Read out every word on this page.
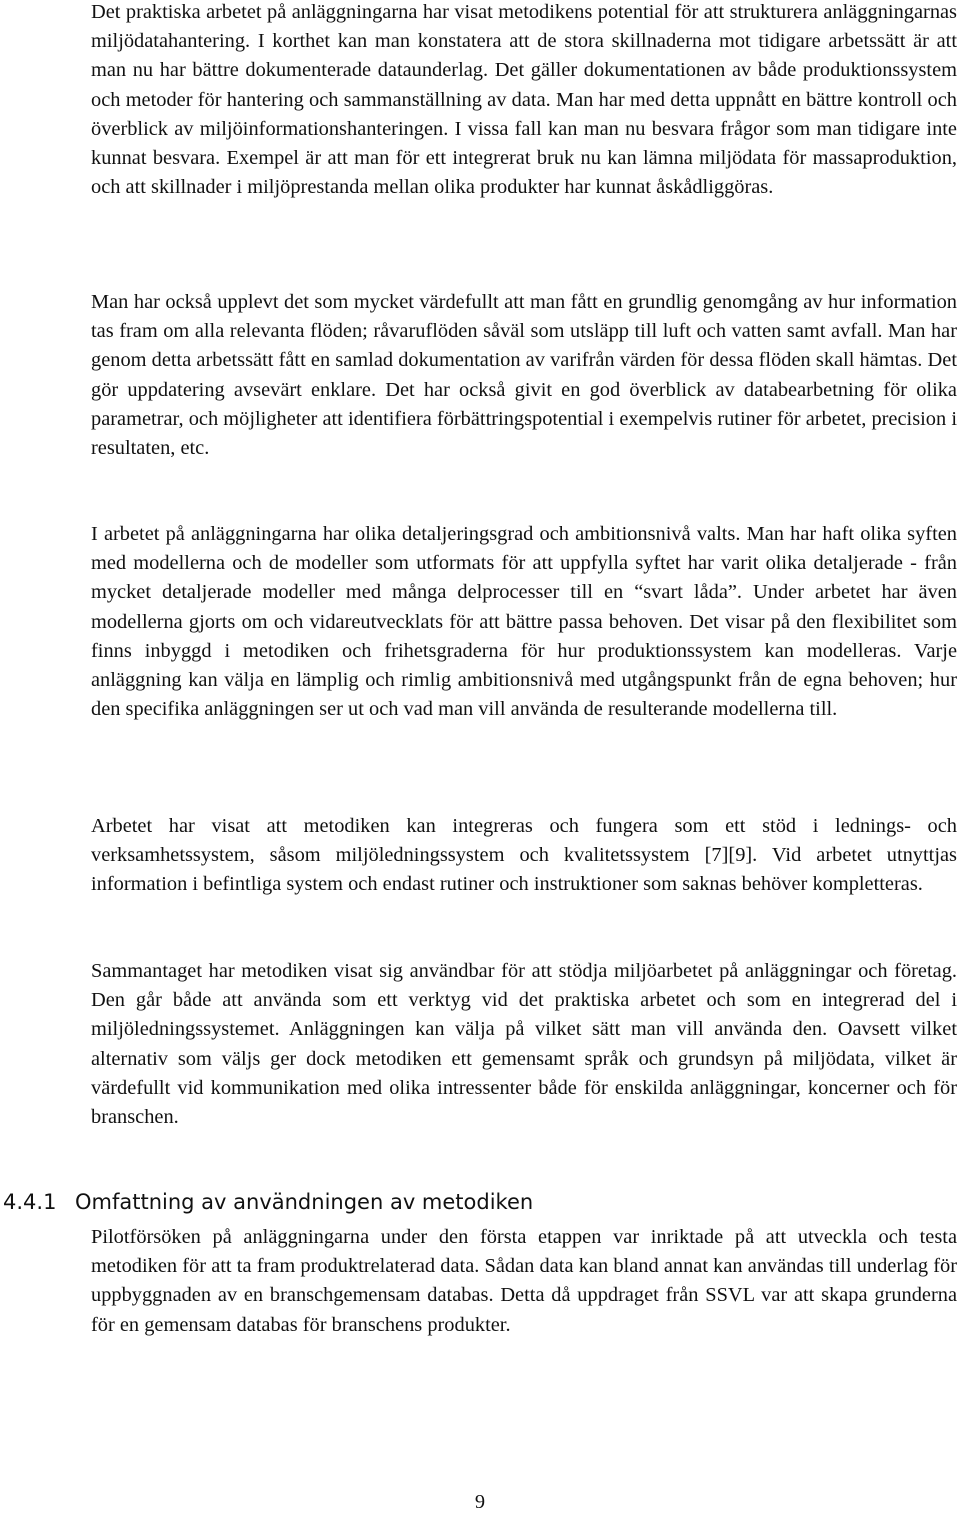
Det praktiska arbetet på anläggningarna har visat metodikens potential för att strukturera anläggningarnas miljödatahantering. I korthet kan man konstatera att de stora skillnaderna mot tidigare arbetssätt är att man nu har bättre dokumenterade dataunderlag. Det gäller dokumentationen av både produktionssystem och metoder för hantering och sammanställning av data. Man har med detta uppnått en bättre kontroll och överblick av miljöinformationshanteringen. I vissa fall kan man nu besvara frågor som man tidigare inte kunnat besvara. Exempel är att man för ett integrerat bruk nu kan lämna miljödata för massaproduktion, och att skillnader i miljöprestanda mellan olika produkter har kunnat åskådliggöras.

Man har också upplevt det som mycket värdefullt att man fått en grundlig genomgång av hur information tas fram om alla relevanta flöden; råvaruflöden såväl som utsläpp till luft och vatten samt avfall. Man har genom detta arbetssätt fått en samlad dokumentation av varifrån värden för dessa flöden skall hämtas. Det gör uppdatering avsevärt enklare. Det har också givit en god överblick av databearbetning för olika parametrar, och möjligheter att identifiera förbättringspotential i exempelvis rutiner för arbetet, precision i resultaten, etc.

I arbetet på anläggningarna har olika detaljeringsgrad och ambitionsnivå valts. Man har haft olika syften med modellerna och de modeller som utformats för att uppfylla syftet har varit olika detaljerade - från mycket detaljerade modeller med många delprocesser till en “svart låda”. Under arbetet har även modellerna gjorts om och vidareutvecklats för att bättre passa behoven. Det visar på den flexibilitet som finns inbyggd i metodiken och frihetsgraderna för hur produktionssystem kan modelleras. Varje anläggning kan välja en lämplig och rimlig ambitionsnivå med utgångspunkt från de egna behoven; hur den specifika anläggningen ser ut och vad man vill använda de resulterande modellerna till.

Arbetet har visat att metodiken kan integreras och fungera som ett stöd i lednings- och verksamhetssystem, såsom miljöledningssystem och kvalitetssystem [7][9]. Vid arbetet utnyttjas information i befintliga system och endast rutiner och instruktioner som saknas behöver kompletteras.

Sammantaget har metodiken visat sig användbar för att stödja miljöarbetet på anläggningar och företag. Den går både att använda som ett verktyg vid det praktiska arbetet och som en integrerad del i miljöledningssystemet. Anläggningen kan välja på vilket sätt man vill använda den. Oavsett vilket alternativ som väljs ger dock metodiken ett gemensamt språk och grundsyn på miljödata, vilket är värdefullt vid kommunikation med olika intressenter både för enskilda anläggningar, koncerner och för branschen.

Pilotförsöken på anläggningarna under den första etappen var inriktade på att utveckla och testa metodiken för att ta fram produktrelaterad data. Sådan data kan bland annat kan användas till underlag för uppbyggnaden av en branschgemensam databas. Detta då uppdraget från SSVL var att skapa grunderna för en gemensam databas för branschens produkter.

4.4.1 Omfattning av användningen av metodiken
9
